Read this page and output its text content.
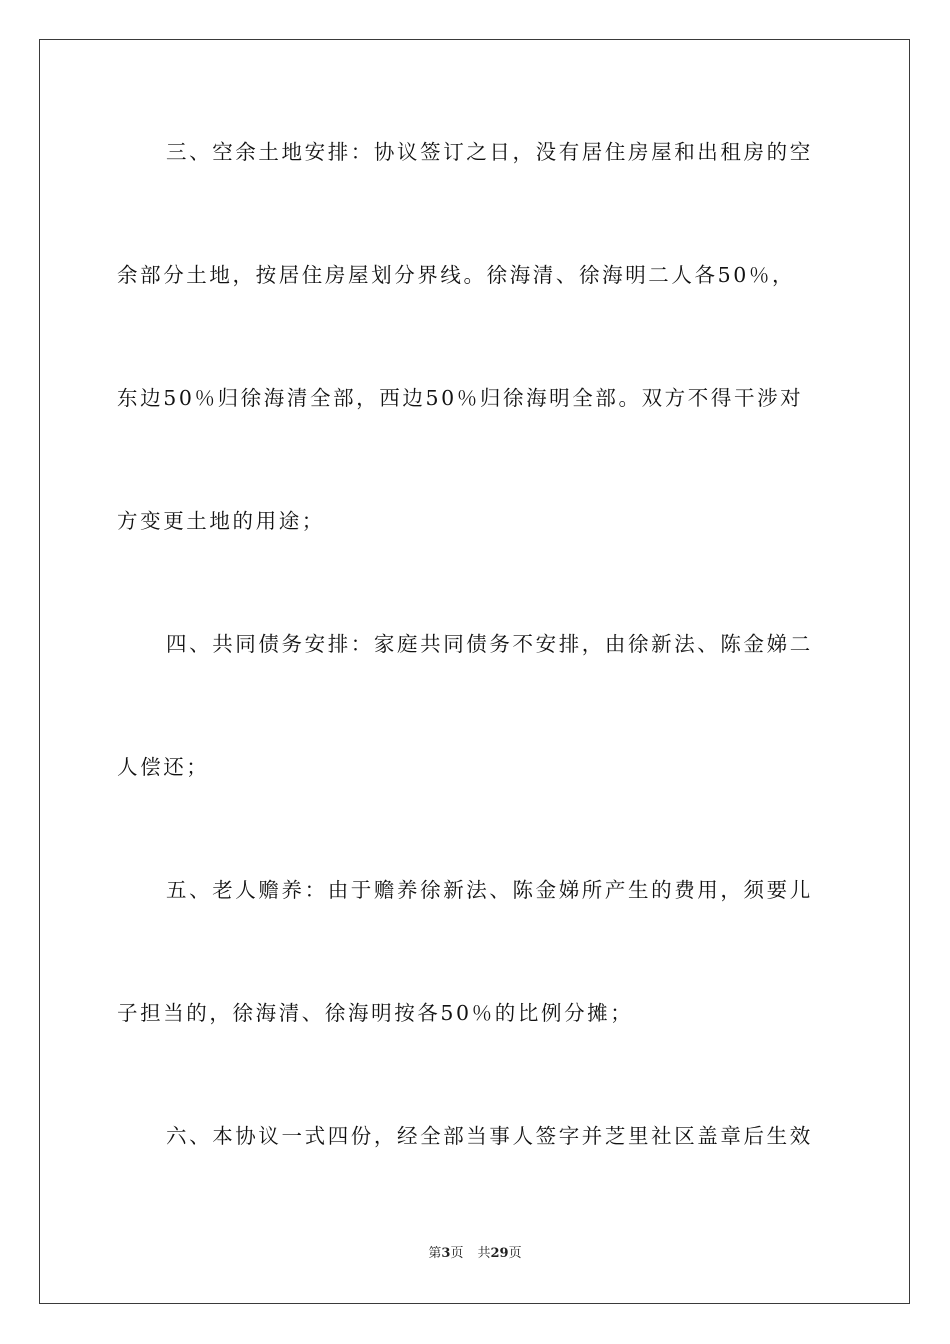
三、空余土地安排：协议签订之日，没有居住房屋和出租房的空
余部分土地，按居住房屋划分界线。徐海清、徐海明二人各50％，
东边50％归徐海清全部，西边50％归徐海明全部。双方不得干涉对
方变更土地的用途；
四、共同债务安排：家庭共同债务不安排，由徐新法、陈金娣二
人偿还；
五、老人赡养：由于赡养徐新法、陈金娣所产生的费用，须要儿
子担当的，徐海清、徐海明按各50％的比例分摊；
六、本协议一式四份，经全部当事人签字并芝里社区盖章后生效
第3页 共29页
